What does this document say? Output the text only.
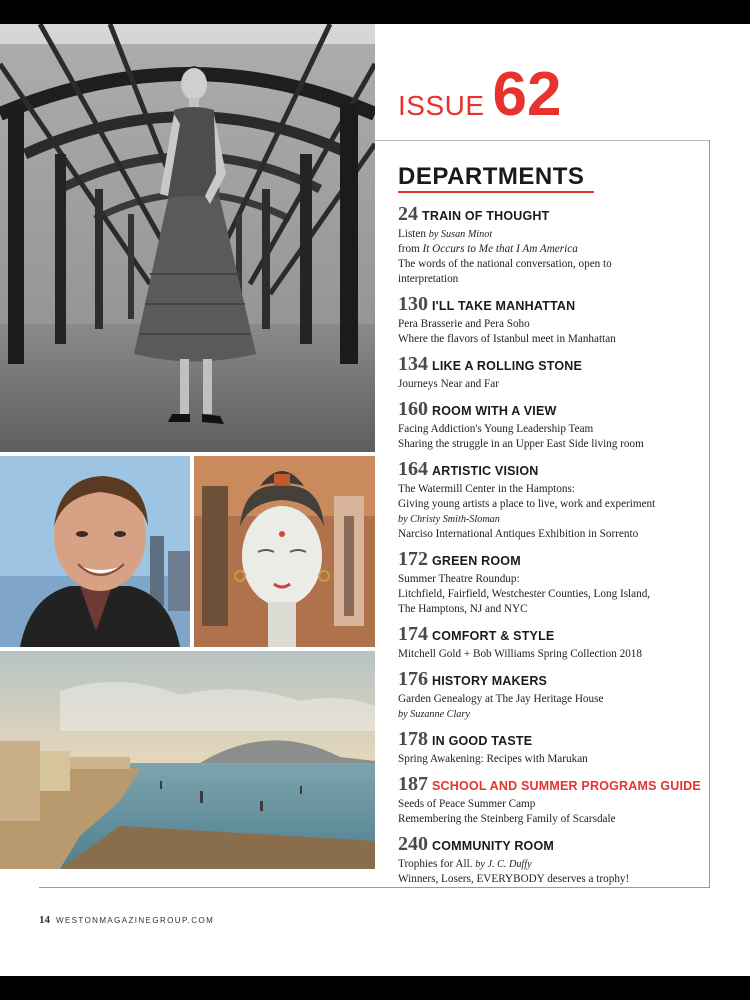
ISSUE 62
DEPARTMENTS
24 TRAIN OF THOUGHT
Listen by Susan Minot
from It Occurs to Me that I Am America
The words of the national conversation, open to
interpretation
130 I'LL TAKE MANHATTAN
Pera Brasserie and Pera Soho
Where the flavors of Istanbul meet in Manhattan
134 LIKE A ROLLING STONE
Journeys Near and Far
160 ROOM WITH A VIEW
Facing Addiction's Young Leadership Team
Sharing the struggle in an Upper East Side living room
164 ARTISTIC VISION
The Watermill Center in the Hamptons:
Giving young artists a place to live, work and experiment
by Christy Smith-Sloman
Narciso International Antiques Exhibition in Sorrento
172 GREEN ROOM
Summer Theatre Roundup:
Litchfield, Fairfield, Westchester Counties, Long Island,
The Hamptons, NJ and NYC
174 COMFORT & STYLE
Mitchell Gold + Bob Williams Spring Collection 2018
176 HISTORY MAKERS
Garden Genealogy at The Jay Heritage House
by Suzanne Clary
178 IN GOOD TASTE
Spring Awakening: Recipes with Marukan
187 SCHOOL AND SUMMER PROGRAMS GUIDE
Seeds of Peace Summer Camp
Remembering the Steinberg Family of Scarsdale
240 COMMUNITY ROOM
Trophies for All. by J. C. Duffy
Winners, Losers, EVERYBODY deserves a trophy!
14 WESTONMAGAZINEGROUP.COM
